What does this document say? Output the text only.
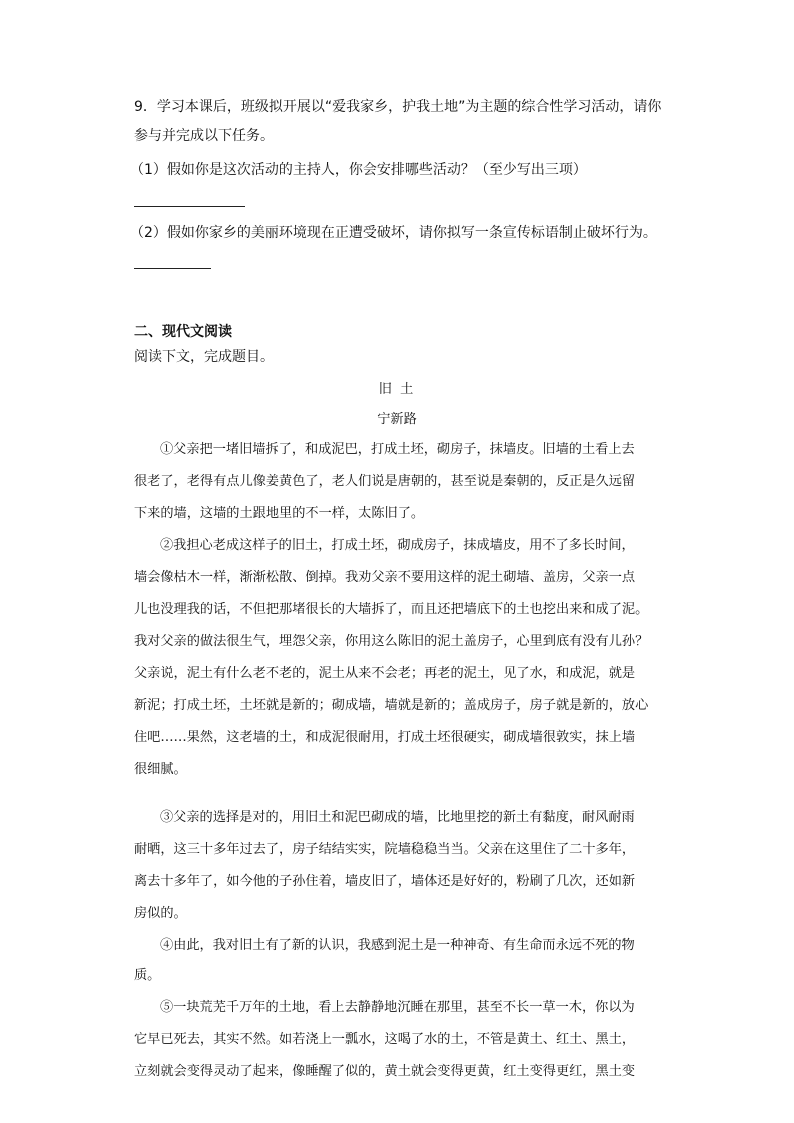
9．学习本课后，班级拟开展以“爱我家乡，护我土地”为主题的综合性学习活动，请你
参与并完成以下任务。
（1）假如你是这次活动的主持人，你会安排哪些活动？（至少写出三项）
（2）假如你家乡的美丽环境现在正遭受破坏，请你拟写一条宣传标语制止破坏行为。
二、现代文阅读
阅读下文，完成题目。
旧 土
宁新路
①父亲把一堵旧墙拆了，和成泥巴，打成土坯，砌房子，抹墙皮。旧墙的土看上去
很老了，老得有点儿像姜黄色了，老人们说是唐朝的，甚至说是秦朝的，反正是久远留
下来的墙，这墙的土跟地里的不一样，太陈旧了。
②我担心老成这样子的旧土，打成土坯，砌成房子，抹成墙皮，用不了多长时间，
墙会像枯木一样，渐渐松散、倒掉。我劝父亲不要用这样的泥土砌墙、盖房，父亲一点
儿也没理我的话，不但把那堵很长的大墙拆了，而且还把墙底下的土也挖出来和成了泥。
我对父亲的做法很生气，埋怨父亲，你用这么陈旧的泥土盖房子，心里到底有没有儿孙？
父亲说，泥土有什么老不老的，泥土从来不会老；再老的泥土，见了水，和成泥，就是
新泥；打成土坯，土坯就是新的；砌成墙，墙就是新的；盖成房子，房子就是新的，放心
住吧……果然，这老墙的土，和成泥很耐用，打成土坯很硬实，砌成墙很敦实，抹上墙
很细腻。
③父亲的选择是对的，用旧土和泥巴砌成的墙，比地里挖的新土有黏度，耐风耐雨
耐晒，这三十多年过去了，房子结结实实，院墙稳稳当当。父亲在这里住了二十多年，
离去十多年了，如今他的子孙住着，墙皮旧了，墙体还是好好的，粉刷了几次，还如新
房似的。
④由此，我对旧土有了新的认识，我感到泥土是一种神奇、有生命而永远不死的物
质。
⑤一块荒芜千万年的土地，看上去静静地沉睡在那里，甚至不长一草一木，你以为
它早已死去，其实不然。如若浇上一瓢水，这喝了水的土，不管是黄土、红土、黑土，
立刻就会变得灵动了起来，像睡醒了似的，黄土就会变得更黄，红土变得更红，黑土变
